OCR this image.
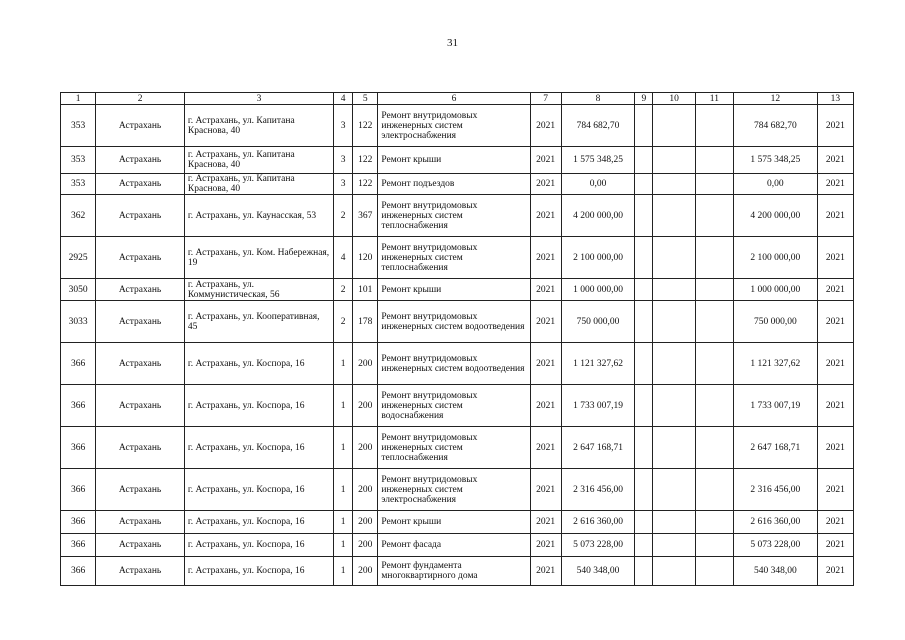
31
1	2	3	4	5	6	7	8	9	10	11	12	13
353	Астрахань	г. Астрахань, ул. Капитана Краснова, 40	3	122	Ремонт внутридомовых инженерных систем электроснабжения	2021	784 682,70				784 682,70	2021
353	Астрахань	г. Астрахань, ул. Капитана Краснова, 40	3	122	Ремонт крыши	2021	1 575 348,25				1 575 348,25	2021
353	Астрахань	г. Астрахань, ул. Капитана Краснова, 40	3	122	Ремонт подъездов	2021	0,00				0,00	2021
362	Астрахань	г. Астрахань, ул. Каунасская, 53	2	367	Ремонт внутридомовых инженерных систем теплоснабжения	2021	4 200 000,00				4 200 000,00	2021
2925	Астрахань	г. Астрахань, ул. Ком. Набережная, 19	4	120	Ремонт внутридомовых инженерных систем теплоснабжения	2021	2 100 000,00				2 100 000,00	2021
3050	Астрахань	г. Астрахань, ул. Коммунистическая, 56	2	101	Ремонт крыши	2021	1 000 000,00				1 000 000,00	2021
3033	Астрахань	г. Астрахань, ул. Кооперативная, 45	2	178	Ремонт внутридомовых инженерных систем водоотведения	2021	750 000,00				750 000,00	2021
366	Астрахань	г. Астрахань, ул. Коспора, 16	1	200	Ремонт внутридомовых инженерных систем водоотведения	2021	1 121 327,62				1 121 327,62	2021
366	Астрахань	г. Астрахань, ул. Коспора, 16	1	200	Ремонт внутридомовых инженерных систем водоснабжения	2021	1 733 007,19				1 733 007,19	2021
366	Астрахань	г. Астрахань, ул. Коспора, 16	1	200	Ремонт внутридомовых инженерных систем теплоснабжения	2021	2 647 168,71				2 647 168,71	2021
366	Астрахань	г. Астрахань, ул. Коспора, 16	1	200	Ремонт внутридомовых инженерных систем электроснабжения	2021	2 316 456,00				2 316 456,00	2021
366	Астрахань	г. Астрахань, ул. Коспора, 16	1	200	Ремонт крыши	2021	2 616 360,00				2 616 360,00	2021
366	Астрахань	г. Астрахань, ул. Коспора, 16	1	200	Ремонт фасада	2021	5 073 228,00				5 073 228,00	2021
366	Астрахань	г. Астрахань, ул. Коспора, 16	1	200	Ремонт фундамента многоквартирного дома	2021	540 348,00				540 348,00	2021
